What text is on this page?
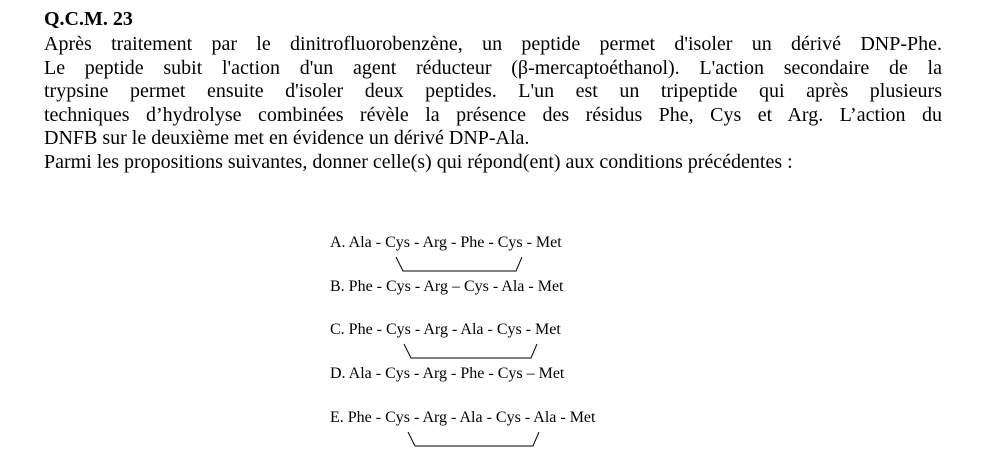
Q.C.M. 23
Après traitement par le dinitrofluorobenzène, un peptide permet d'isoler un dérivé DNP-Phe.
Le peptide subit l'action d'un agent réducteur (β-mercaptoéthanol). L'action secondaire de la
trypsine permet ensuite d'isoler deux peptides. L'un est un tripeptide qui après plusieurs
techniques d’hydrolyse combinées révèle la présence des résidus Phe, Cys et Arg. L’action du
DNFB sur le deuxième met en évidence un dérivé DNP-Ala.
Parmi les propositions suivantes, donner celle(s) qui répond(ent) aux conditions précédentes :
A. Ala - Cys - Arg - Phe - Cys - Met
B. Phe - Cys - Arg – Cys - Ala - Met
C. Phe - Cys - Arg - Ala - Cys - Met
D. Ala - Cys - Arg - Phe - Cys – Met
E. Phe - Cys - Arg - Ala - Cys - Ala - Met
